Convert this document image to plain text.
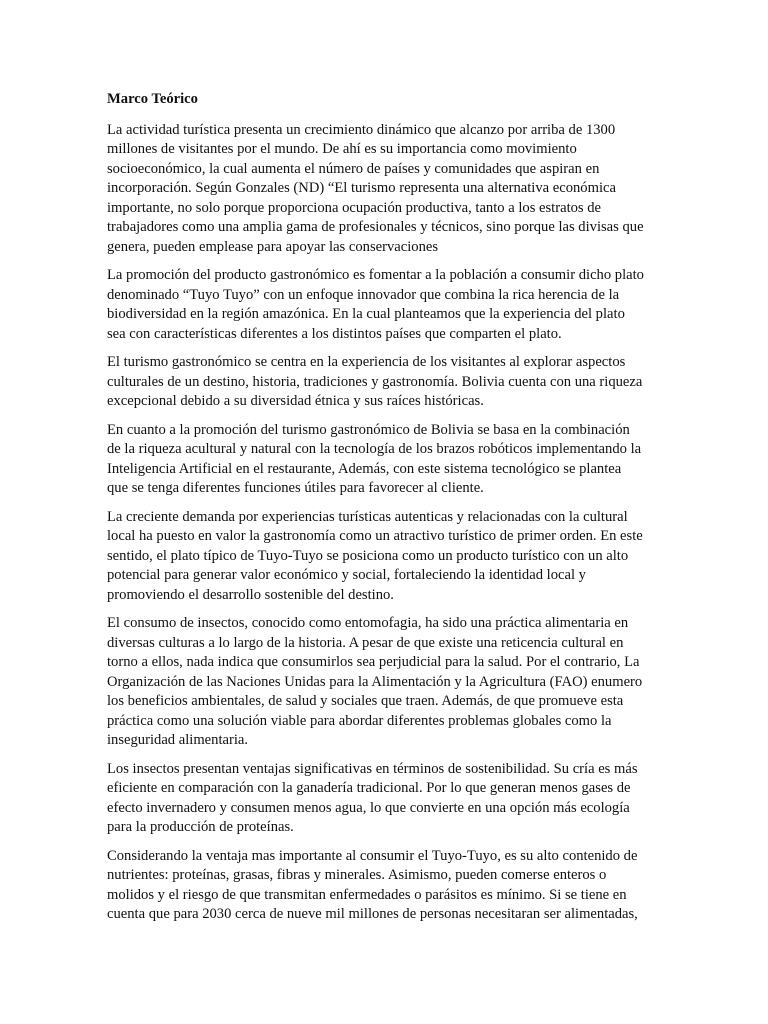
Marco Teórico
La actividad turística presenta un crecimiento dinámico que alcanzo por arriba de 1300
millones de visitantes por el mundo. De ahí es su importancia como movimiento
socioeconómico, la cual aumenta el número de países y comunidades que aspiran en
incorporación. Según Gonzales (ND) “El turismo representa una alternativa económica
importante, no solo porque proporciona ocupación productiva, tanto a los estratos de
trabajadores como una amplia gama de profesionales y técnicos, sino porque las divisas que
genera, pueden emplease para apoyar las conservaciones
La promoción del producto gastronómico es fomentar a la población a consumir dicho plato
denominado “Tuyo Tuyo” con un enfoque innovador que combina la rica herencia de la
biodiversidad en la región amazónica. En la cual planteamos que la experiencia del plato
sea con características diferentes a los distintos países que comparten el plato.
El turismo gastronómico se centra en la experiencia de los visitantes al explorar aspectos
culturales de un destino, historia, tradiciones y gastronomía. Bolivia cuenta con una riqueza
excepcional debido a su diversidad étnica y sus raíces históricas.
En cuanto a la promoción del turismo gastronómico de Bolivia se basa en la combinación
de la riqueza acultural y natural con la tecnología de los brazos robóticos implementando la
Inteligencia Artificial en el restaurante, Además, con este sistema tecnológico se plantea
que se tenga diferentes funciones útiles para favorecer al cliente.
La creciente demanda por experiencias turísticas autenticas y relacionadas con la cultural
local ha puesto en valor la gastronomía como un atractivo turístico de primer orden. En este
sentido, el plato típico de Tuyo-Tuyo se posiciona como un producto turístico con un alto
potencial para generar valor económico y social, fortaleciendo la identidad local y
promoviendo el desarrollo sostenible del destino.
El consumo de insectos, conocido como entomofagia, ha sido una práctica alimentaria en
diversas culturas a lo largo de la historia. A pesar de que existe una reticencia cultural en
torno a ellos, nada indica que consumirlos sea perjudicial para la salud. Por el contrario, La
Organización de las Naciones Unidas para la Alimentación y la Agricultura (FAO) enumero
los beneficios ambientales, de salud y sociales que traen. Además, de que promueve esta
práctica como una solución viable para abordar diferentes problemas globales como la
inseguridad alimentaria.
Los insectos presentan ventajas significativas en términos de sostenibilidad. Su cría es más
eficiente en comparación con la ganadería tradicional. Por lo que generan menos gases de
efecto invernadero y consumen menos agua, lo que convierte en una opción más ecología
para la producción de proteínas.
Considerando la ventaja mas importante al consumir el Tuyo-Tuyo, es su alto contenido de
nutrientes: proteínas, grasas, fibras y minerales. Asimismo, pueden comerse enteros o
molidos y el riesgo de que transmitan enfermedades o parásitos es mínimo. Si se tiene en
cuenta que para 2030 cerca de nueve mil millones de personas necesitaran ser alimentadas,
